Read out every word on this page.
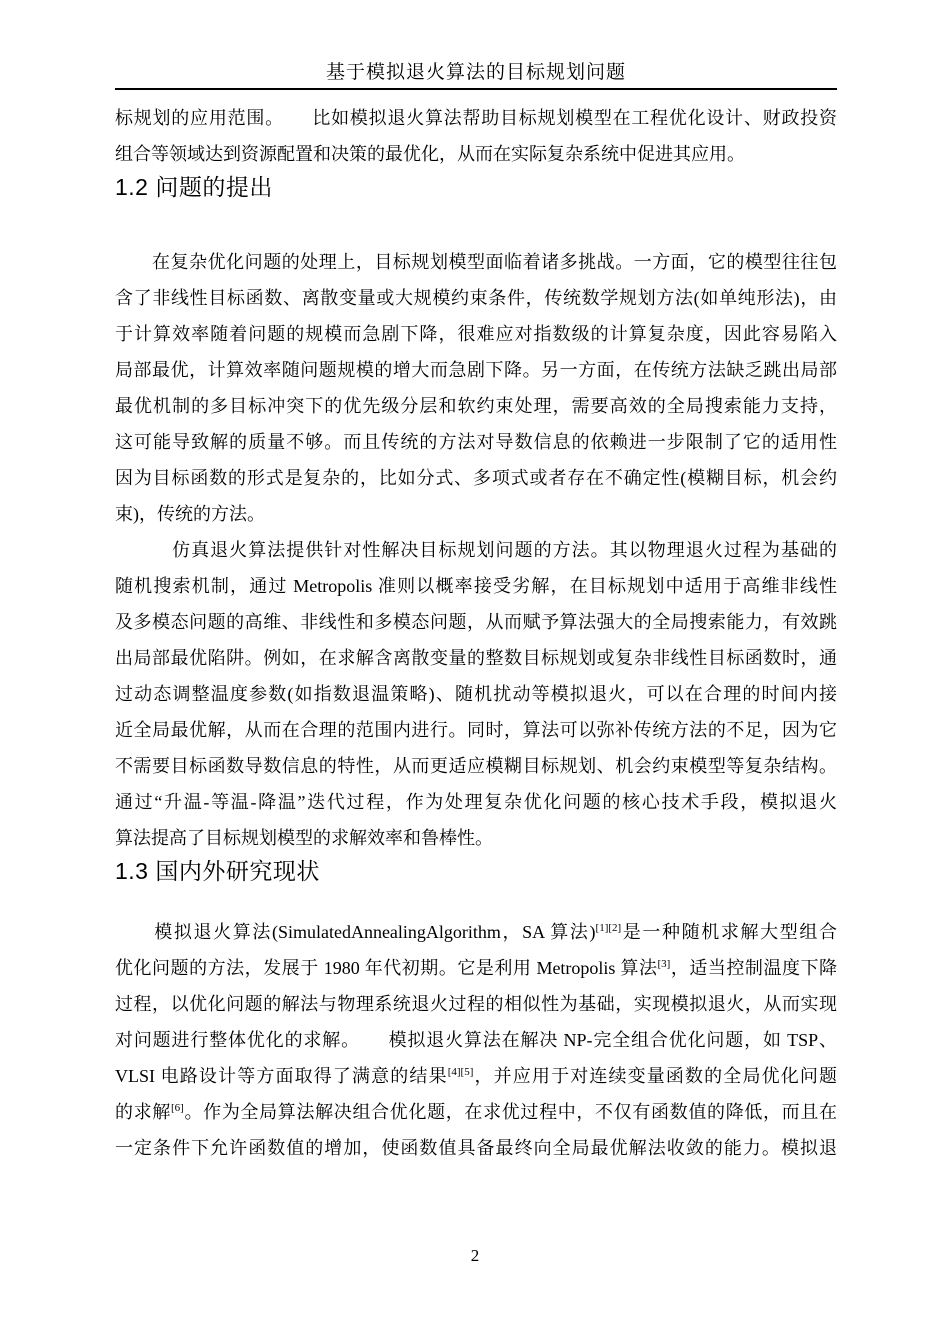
基于模拟退火算法的目标规划问题
标规划的应用范围。　　比如模拟退火算法帮助目标规划模型在工程优化设计、财政投资
组合等领域达到资源配置和决策的最优化，从而在实际复杂系统中促进其应用。
1.2 问题的提出
　　在复杂优化问题的处理上，目标规划模型面临着诸多挑战。一方面，它的模型往往包
含了非线性目标函数、离散变量或大规模约束条件，传统数学规划方法(如单纯形法)，由
于计算效率随着问题的规模而急剧下降，很难应对指数级的计算复杂度，因此容易陷入
局部最优，计算效率随问题规模的增大而急剧下降。另一方面，在传统方法缺乏跳出局部
最优机制的多目标冲突下的优先级分层和软约束处理，需要高效的全局搜索能力支持，
这可能导致解的质量不够。而且传统的方法对导数信息的依赖进一步限制了它的适用性
因为目标函数的形式是复杂的，比如分式、多项式或者存在不确定性(模糊目标，机会约
束)，传统的方法。
　　　仿真退火算法提供针对性解决目标规划问题的方法。其以物理退火过程为基础的
随机搜索机制，通过 Metropolis 准则以概率接受劣解，在目标规划中适用于高维非线性
及多模态问题的高维、非线性和多模态问题，从而赋予算法强大的全局搜索能力，有效跳
出局部最优陷阱。例如，在求解含离散变量的整数目标规划或复杂非线性目标函数时，通
过动态调整温度参数(如指数退温策略)、随机扰动等模拟退火，可以在合理的时间内接
近全局最优解，从而在合理的范围内进行。同时，算法可以弥补传统方法的不足，因为它
不需要目标函数导数信息的特性，从而更适应模糊目标规划、机会约束模型等复杂结构。
通过“升温-等温-降温”迭代过程，作为处理复杂优化问题的核心技术手段，模拟退火
算法提高了目标规划模型的求解效率和鲁棒性。
1.3 国内外研究现状
　　模拟退火算法(SimulatedAnnealingAlgorithm，SA 算法)[1][2]是一种随机求解大型组合
优化问题的方法，发展于 1980 年代初期。它是利用 Metropolis 算法[3]，适当控制温度下降
过程，以优化问题的解法与物理系统退火过程的相似性为基础，实现模拟退火，从而实现
对问题进行整体优化的求解。　　模拟退火算法在解决 NP-完全组合优化问题，如 TSP、
VLSI 电路设计等方面取得了满意的结果[4][5]，并应用于对连续变量函数的全局优化问题
的求解[6]。作为全局算法解决组合优化题，在求优过程中，不仅有函数值的降低，而且在
一定条件下允许函数值的增加，使函数值具备最终向全局最优解法收敛的能力。模拟退
2
